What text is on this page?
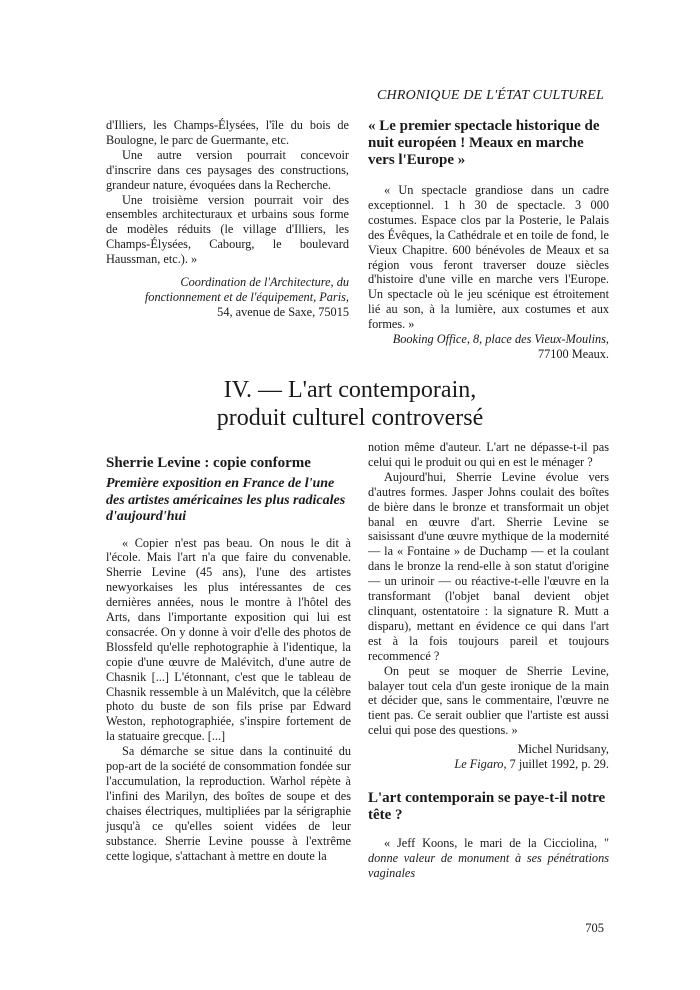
CHRONIQUE DE L'ÉTAT CULTUREL

d'Illiers, les Champs-Élysées, l'île du bois de Boulogne, le parc de Guermante, etc.

Une autre version pourrait concevoir d'inscrire dans ces paysages des constructions, grandeur nature, évoquées dans la Recherche.

Une troisième version pourrait voir des ensembles architecturaux et urbains sous forme de modèles réduits (le village d'Illiers, les Champs-Élysées, Cabourg, le boulevard Haussman, etc.). »

Coordination de l'Architecture, du

fonctionnement et de l'équipement, Paris,

54, avenue de Saxe, 75015

« Le premier spectacle historique de nuit européen ! Meaux en marche vers l'Europe »

« Un spectacle grandiose dans un cadre exceptionnel. 1 h 30 de spectacle. 3 000 costumes. Espace clos par la Posterie, le Palais des Évêques, la Cathédrale et en toile de fond, le Vieux Chapitre. 600 bénévoles de Meaux et sa région vous feront traverser douze siècles d'histoire d'une ville en marche vers l'Europe. Un spectacle où le jeu scénique est étroitement lié au son, à la lumière, aux costumes et aux formes. »

Booking Office, 8, place des Vieux-Moulins,

77100 Meaux.

IV. — L'art contemporain,
produit culturel controversé
Sherrie Levine : copie conforme
Première exposition en France de l'une des artistes américaines les plus radicales d'aujourd'hui

« Copier n'est pas beau. On nous le dit à l'école. Mais l'art n'a que faire du convenable. Sherrie Levine (45 ans), l'une des artistes newyorkaises les plus intéressantes de ces dernières années, nous le montre à l'hôtel des Arts, dans l'importante exposition qui lui est consacrée. On y donne à voir d'elle des photos de Blossfeld qu'elle rephotographie à l'identique, la copie d'une œuvre de Malévitch, d'une autre de Chasnik [...] L'étonnant, c'est que le tableau de Chasnik ressemble à un Malévitch, que la célèbre photo du buste de son fils prise par Edward Weston, rephotographiée, s'inspire fortement de la statuaire grecque. [...]

Sa démarche se situe dans la continuité du pop-art de la société de consommation fondée sur l'accumulation, la reproduction. Warhol répète à l'infini des Marilyn, des boîtes de soupe et des chaises électriques, multipliées par la sérigraphie jusqu'à ce qu'elles soient vidées de leur substance. Sherrie Levine pousse à l'extrême cette logique, s'attachant à mettre en doute la

notion même d'auteur. L'art ne dépasse-t-il pas celui qui le produit ou qui en est le ménager ?

Aujourd'hui, Sherrie Levine évolue vers d'autres formes. Jasper Johns coulait des boîtes de bière dans le bronze et transformait un objet banal en œuvre d'art. Sherrie Levine se saisissant d'une œuvre mythique de la modernité — la « Fontaine » de Duchamp — et la coulant dans le bronze la rend-elle à son statut d'origine — un urinoir — ou réactive-t-elle l'œuvre en la transformant (l'objet banal devient objet clinquant, ostentatoire : la signature R. Mutt a disparu), mettant en évidence ce qui dans l'art est à la fois toujours pareil et toujours recommencé ?

On peut se moquer de Sherrie Levine, balayer tout cela d'un geste ironique de la main et décider que, sans le commentaire, l'œuvre ne tient pas. Ce serait oublier que l'artiste est aussi celui qui pose des questions. »

Michel Nuridsany,

Le Figaro, 7 juillet 1992, p. 29.

L'art contemporain se paye-t-il notre tête ?

« Jeff Koons, le mari de la Cicciolina, " donne valeur de monument à ses pénétrations vaginales

705
